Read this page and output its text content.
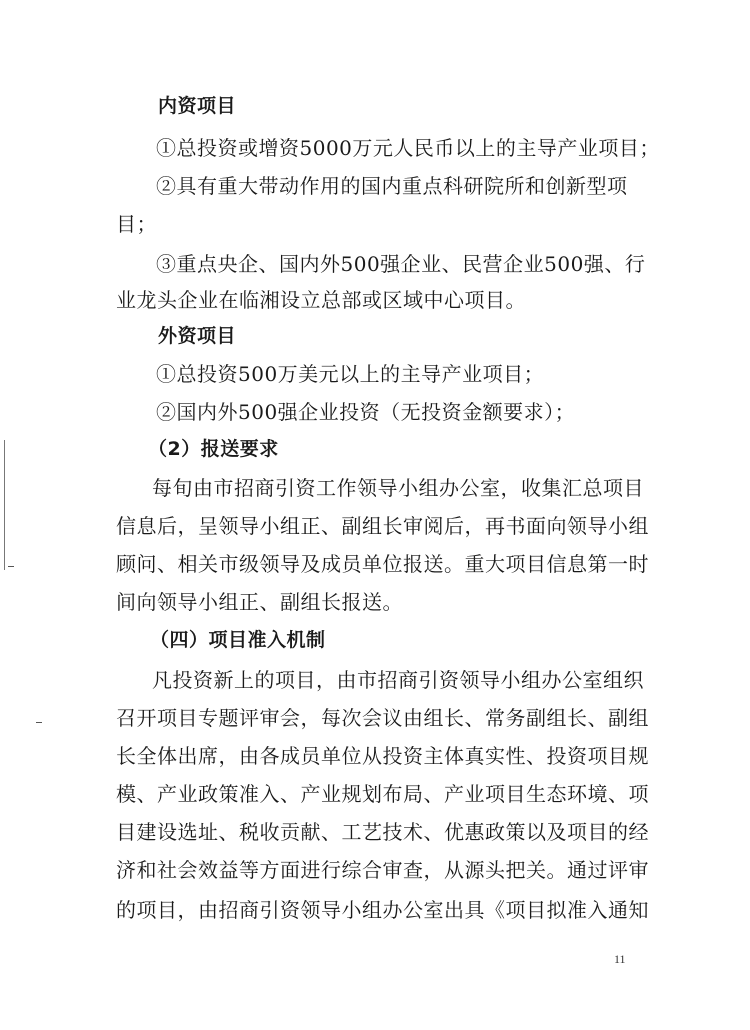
内资项目
①总投资或增资5000万元人民币以上的主导产业项目；
②具有重大带动作用的国内重点科研院所和创新型项
目；
③重点央企、国内外500强企业、民营企业500强、行
业龙头企业在临湘设立总部或区域中心项目。
外资项目
①总投资500万美元以上的主导产业项目；
②国内外500强企业投资（无投资金额要求）；
（2）报送要求
每旬由市招商引资工作领导小组办公室，收集汇总项目
信息后，呈领导小组正、副组长审阅后，再书面向领导小组
顾问、相关市级领导及成员单位报送。重大项目信息第一时
间向领导小组正、副组长报送。
（四）项目准入机制
凡投资新上的项目，由市招商引资领导小组办公室组织
召开项目专题评审会，每次会议由组长、常务副组长、副组
长全体出席，由各成员单位从投资主体真实性、投资项目规
模、产业政策准入、产业规划布局、产业项目生态环境、项
目建设选址、税收贡献、工艺技术、优惠政策以及项目的经
济和社会效益等方面进行综合审查，从源头把关。通过评审
的项目，由招商引资领导小组办公室出具《项目拟准入通知
11
